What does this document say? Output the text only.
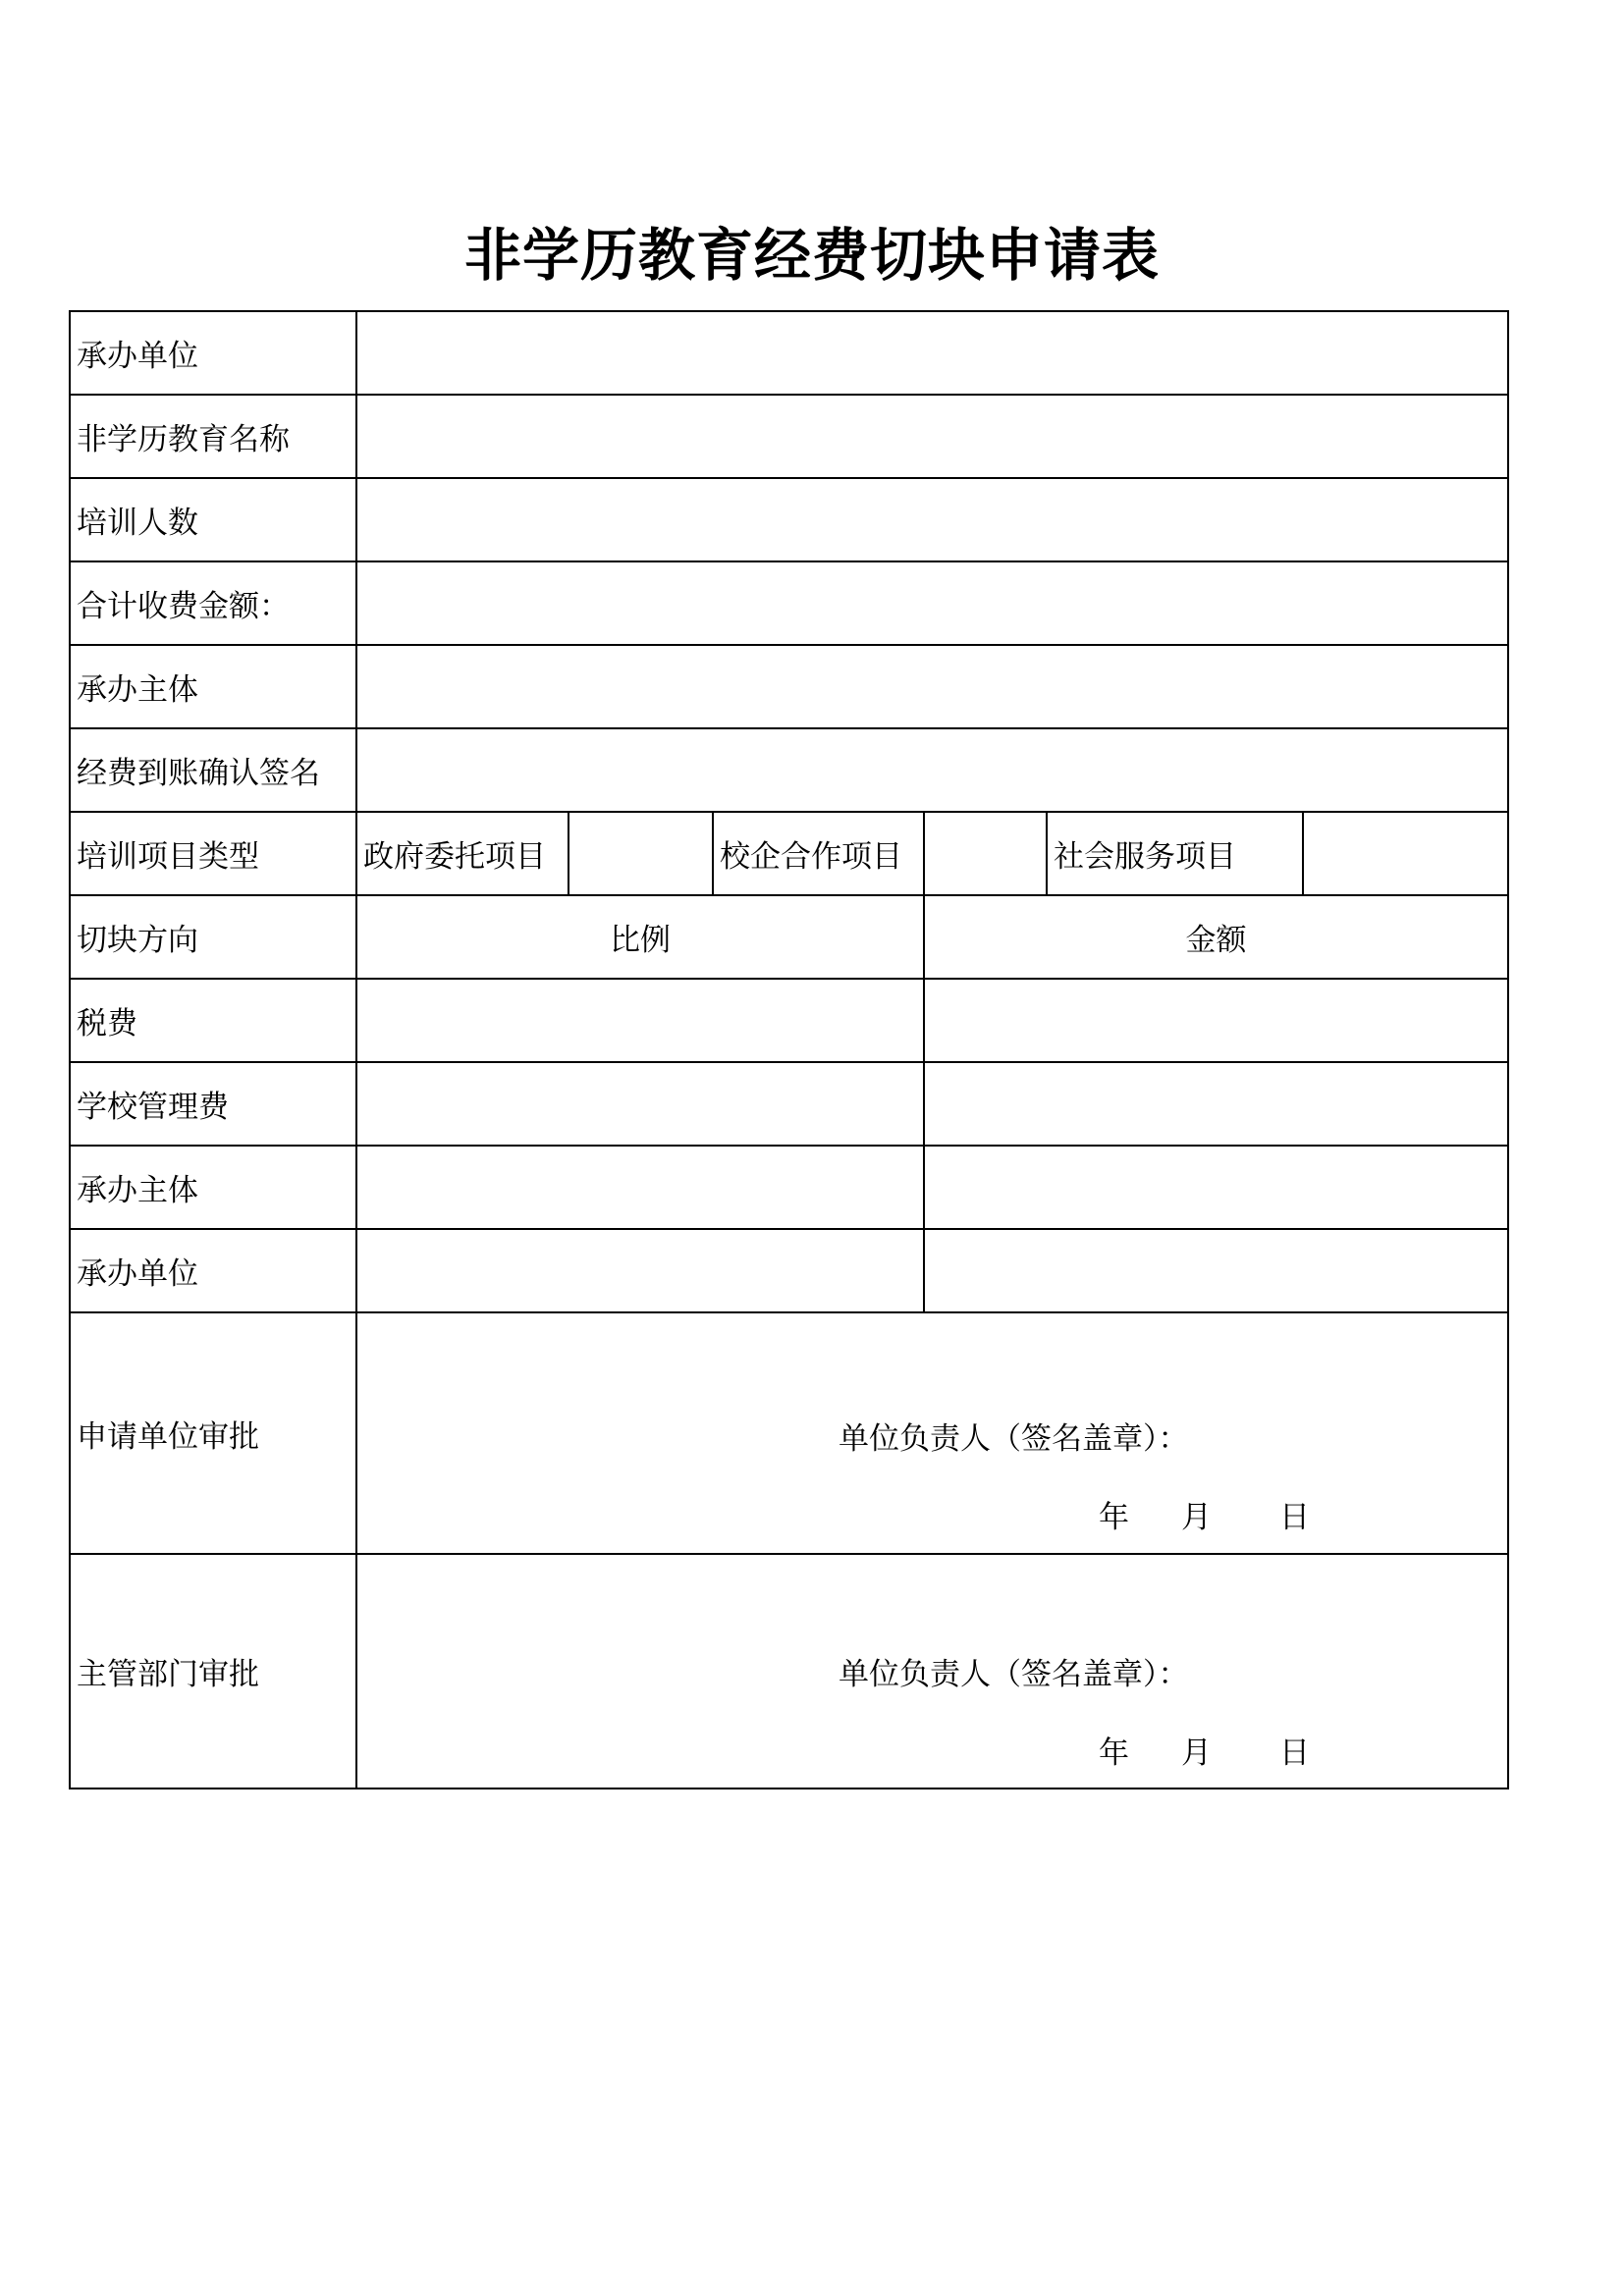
非学历教育经费切块申请表
承办单位						
非学历教育名称						
培训人数						
合计收费金额：						
承办主体						
经费到账确认签名						
培训项目类型	政府委托项目		校企合作项目		社会服务项目	
切块方向	比例			金额		
税费						
学校管理费						
承办主体						
承办单位						
申请单位审批	单位负责人（签名盖章）：
年 月 日					

主管部门审批	单位负责人（签名盖章）：
年 月 日					
